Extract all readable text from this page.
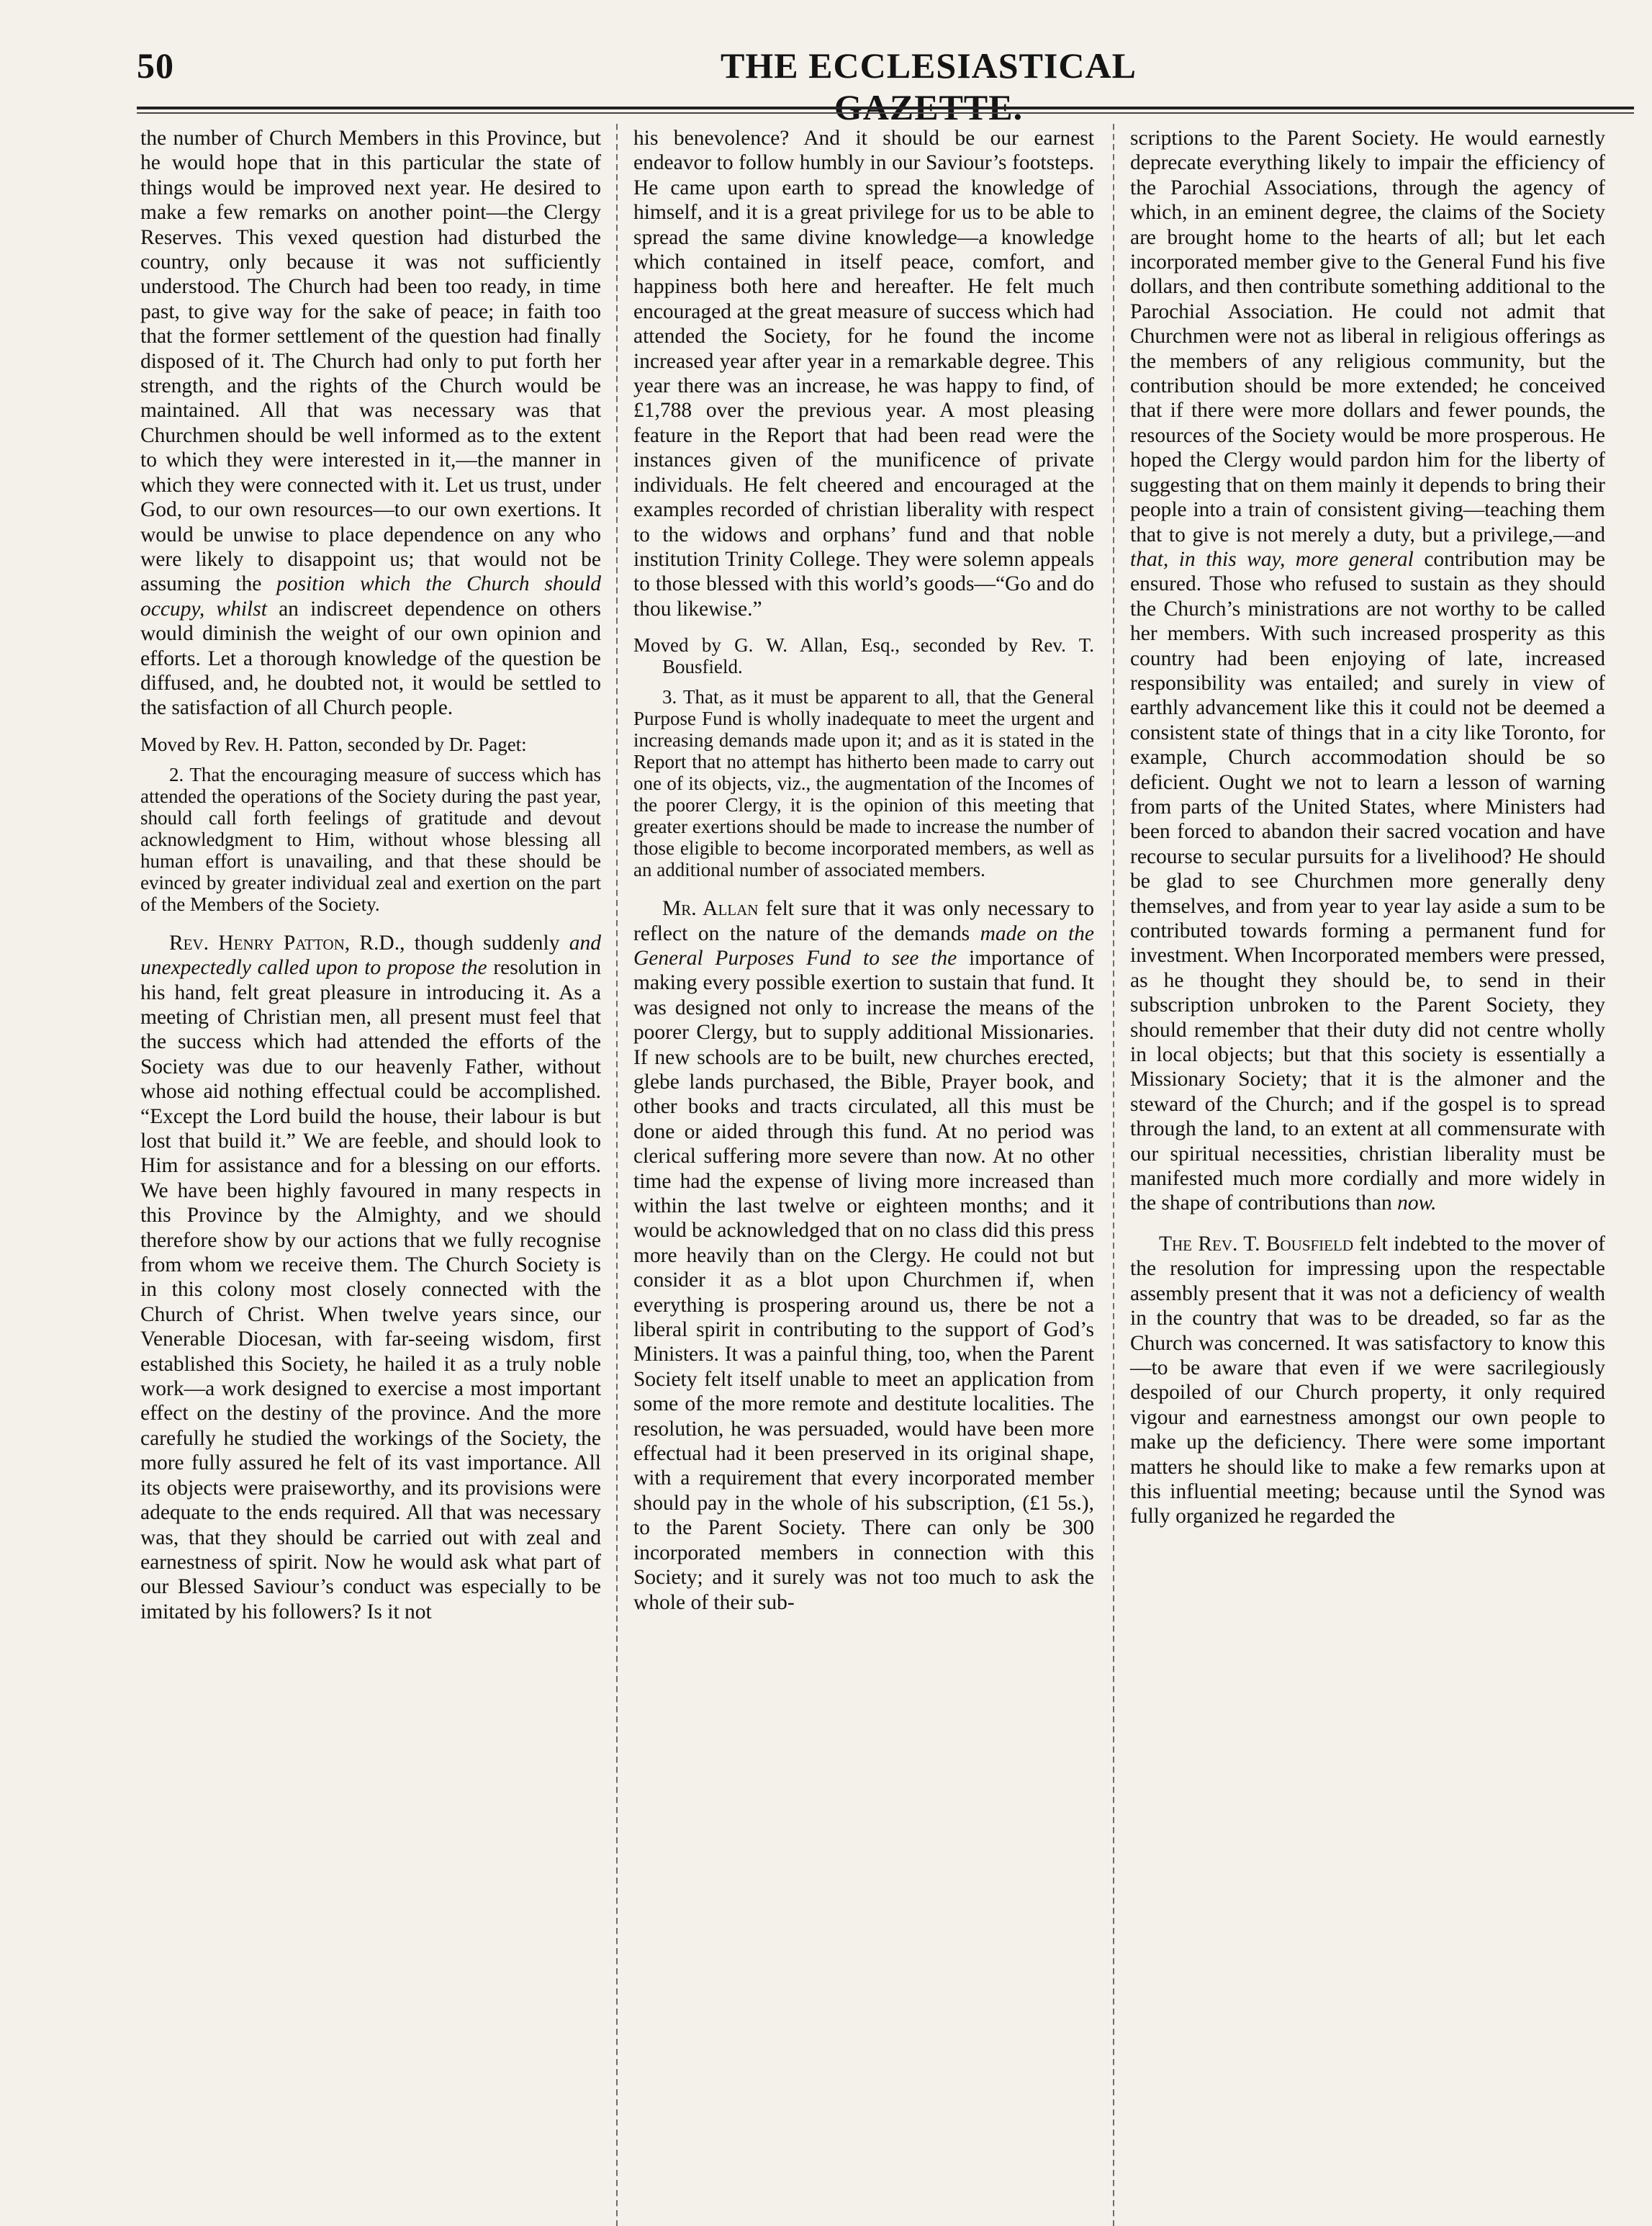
50	THE ECCLESIASTICAL

the number of Church Members in this Province, but he would hope that in this particular the state of things would be improved next year. He desired to make a few remarks on another point—the Clergy Reserves. This vexed question had disturbed the country, only because it was not sufficiently understood. The Church had been too ready, in time past, to give way for the sake of peace; in faith too that the former settlement of the question had finally disposed of it. The Church had only to put forth her strength, and the rights of the Church would be maintained. All that was necessary was that Churchmen should be well informed as to the extent to which they were interested in it,—the manner in which they were connected with it. Let us trust, under God, to our own resources—to our own exertions. It would be unwise to place dependence on any who were likely to disappoint us; that would not be assuming the position which the Church should occupy, whilst an indiscreet dependence on others would diminish the weight of our own opinion and efforts. Let a thorough knowledge of the question be diffused, and, he doubted not, it would be settled to the satisfaction of all Church people.

Moved by Rev. H. Patton, seconded by Dr. Paget:

2. That the encouraging measure of success which has attended the operations of the Society during the past year, should call forth feelings of gratitude and devout acknowledgment to Him, without whose blessing all human effort is unavailing, and that these should be evinced by greater individual zeal and exertion on the part of the Members of the Society.

Rev. Henry Patton, R.D., though suddenly and unexpectedly called upon to propose the resolution in his hand, felt great pleasure in introducing it. As a meeting of Christian men, all present must feel that the success which had attended the efforts of the Society was due to our heavenly Father, without whose aid nothing effectual could be accomplished. “Except the Lord build the house, their labour is but lost that build it.” We are feeble, and should look to Him for assistance and for a blessing on our efforts. We have been highly favoured in many respects in this Province by the Almighty, and we should therefore show by our actions that we fully recognise from whom we receive them. The Church Society is in this colony most closely connected with the Church of Christ. When twelve years since, our Venerable Diocesan, with far-seeing wisdom, first established this Society, he hailed it as a truly noble work—a work designed to exercise a most important effect on the destiny of the province. And the more carefully he studied the workings of the Society, the more fully assured he felt of its vast importance. All its objects were praiseworthy, and its provisions were adequate to the ends required. All that was necessary was, that they should be carried out with zeal and earnestness of spirit. Now he would ask what part of our Blessed Saviour’s conduct was especially to be imitated by his followers? Is it not

his benevolence? And it should be our earnest endeavor to follow humbly in our Saviour’s footsteps. He came upon earth to spread the knowledge of himself, and it is a great privilege for us to be able to spread the same divine knowledge—a knowledge which contained in itself peace, comfort, and happiness both here and hereafter. He felt much encouraged at the great measure of success which had attended the Society, for he found the income increased year after year in a remarkable degree. This year there was an increase, he was happy to find, of £1,788 over the previous year. A most pleasing feature in the Report that had been read were the instances given of the munificence of private individuals. He felt cheered and encouraged at the examples recorded of christian liberality with respect to the widows and orphans’ fund and that noble institution Trinity College. They were solemn appeals to those blessed with this world’s goods—“Go and do thou likewise.”

Moved by G. W. Allan, Esq., seconded by Rev. T. Bousfield.

3. That, as it must be apparent to all, that the General Purpose Fund is wholly inadequate to meet the urgent and increasing demands made upon it; and as it is stated in the Report that no attempt has hitherto been made to carry out one of its objects, viz., the augmentation of the Incomes of the poorer Clergy, it is the opinion of this meeting that greater exertions should be made to increase the number of those eligible to become incorporated members, as well as an additional number of associated members.

Mr. Allan felt sure that it was only necessary to reflect on the nature of the demands made on the General Purposes Fund to see the importance of making every possible exertion to sustain that fund. It was designed not only to increase the means of the poorer Clergy, but to supply additional Missionaries. If new schools are to be built, new churches erected, glebe lands purchased, the Bible, Prayer book, and other books and tracts circulated, all this must be done or aided through this fund. At no period was clerical suffering more severe than now. At no other time had the expense of living more increased than within the last twelve or eighteen months; and it would be acknowledged that on no class did this press more heavily than on the Clergy. He could not but consider it as a blot upon Churchmen if, when everything is prospering around us, there be not a liberal spirit in contributing to the support of God’s Ministers. It was a painful thing, too, when the Parent Society felt itself unable to meet an application from some of the more remote and destitute localities. The resolution, he was persuaded, would have been more effectual had it been preserved in its original shape, with a requirement that every incorporated member should pay in the whole of his subscription, (£1 5s.), to the Parent Society. There can only be 300 incorporated members in connection with this Society; and it surely was not too much to ask the whole of their sub-

scriptions to the Parent Society. He would earnestly deprecate everything likely to impair the efficiency of the Parochial Associations, through the agency of which, in an eminent degree, the claims of the Society are brought home to the hearts of all; but let each incorporated member give to the General Fund his five dollars, and then contribute something additional to the Parochial Association. He could not admit that Churchmen were not as liberal in religious offerings as the members of any religious community, but the contribution should be more extended; he conceived that if there were more dollars and fewer pounds, the resources of the Society would be more prosperous. He hoped the Clergy would pardon him for the liberty of suggesting that on them mainly it depends to bring their people into a train of consistent giving—teaching them that to give is not merely a duty, but a privilege,—and that, in this way, more general contribution may be ensured. Those who refused to sustain as they should the Church’s ministrations are not worthy to be called her members. With such increased prosperity as this country had been enjoying of late, increased responsibility was entailed; and surely in view of earthly advancement like this it could not be deemed a consistent state of things that in a city like Toronto, for example, Church accommodation should be so deficient. Ought we not to learn a lesson of warning from parts of the United States, where Ministers had been forced to abandon their sacred vocation and have recourse to secular pursuits for a livelihood? He should be glad to see Churchmen more generally deny themselves, and from year to year lay aside a sum to be contributed towards forming a permanent fund for investment. When Incorporated members were pressed, as he thought they should be, to send in their subscription unbroken to the Parent Society, they should remember that their duty did not centre wholly in local objects; but that this society is essentially a Missionary Society; that it is the almoner and the steward of the Church; and if the gospel is to spread through the land, to an extent at all commensurate with our spiritual necessities, christian liberality must be manifested much more cordially and more widely in the shape of contributions than now.

The Rev. T. Bousfield felt indebted to the mover of the resolution for impressing upon the respectable assembly present that it was not a deficiency of wealth in the country that was to be dreaded, so far as the Church was concerned. It was satisfactory to know this—to be aware that even if we were sacrilegiously despoiled of our Church property, it only required vigour and earnestness amongst our own people to make up the deficiency. There were some important matters he should like to make a few remarks upon at this influential meeting; because until the Synod was fully organized he regarded the
